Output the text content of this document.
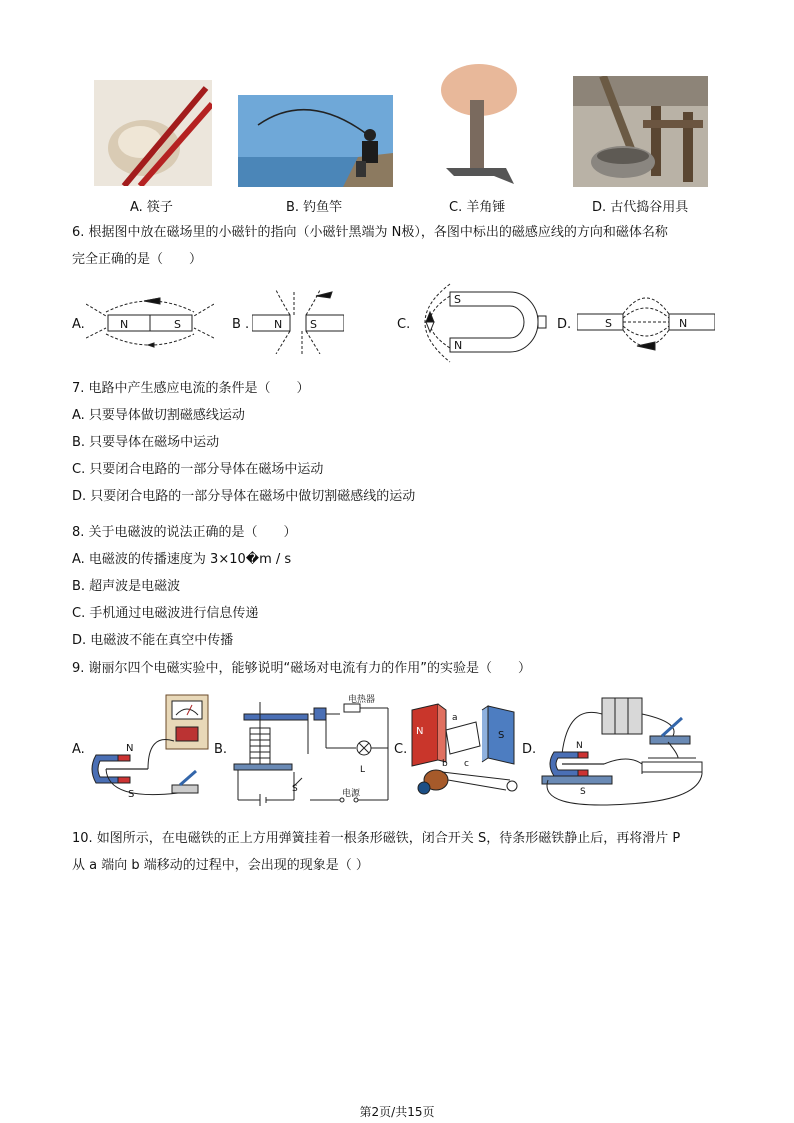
A. 筷子	B. 钓鱼竿	C. 羊角锤	D. 古代捣谷用具
6. 根据图中放在磁场里的小磁针的指向（小磁针黑端为 N极），各图中标出的磁感应线的方向和磁体名称
完全正确的是（　　）
A.	N	S	B . N	S	C.
S
N
D.	S	N
7. 电路中产生感应电流的条件是（　　）
A. 只要导体做切割磁感线运动
B. 只要导体在磁场中运动
C. 只要闭合电路的一部分导体在磁场中运动
D. 只要闭合电路的一部分导体在磁场中做切割磁感线的运动
8. 关于电磁波的说法正确的是（　　）
A. 电磁波的传播速度为 3×10�m / s
B. 超声波是电磁波
C. 手机通过电磁波进行信息传递
D. 电磁波不能在真空中传播
9. 谢丽尔四个电磁实验中，能够说明“磁场对电流有力的作用”的实验是（　　）
A.	N
S
B.
电热器
L
S	电源
C.
N	S
a
c
b
D.	N
S
10. 如图所示，在电磁铁的正上方用弹簧挂着一根条形磁铁，闭合开关 S，待条形磁铁静止后，再将滑片 P
从 a 端向 b 端移动的过程中，会出现的现象是（ ）
第2页/共15页
